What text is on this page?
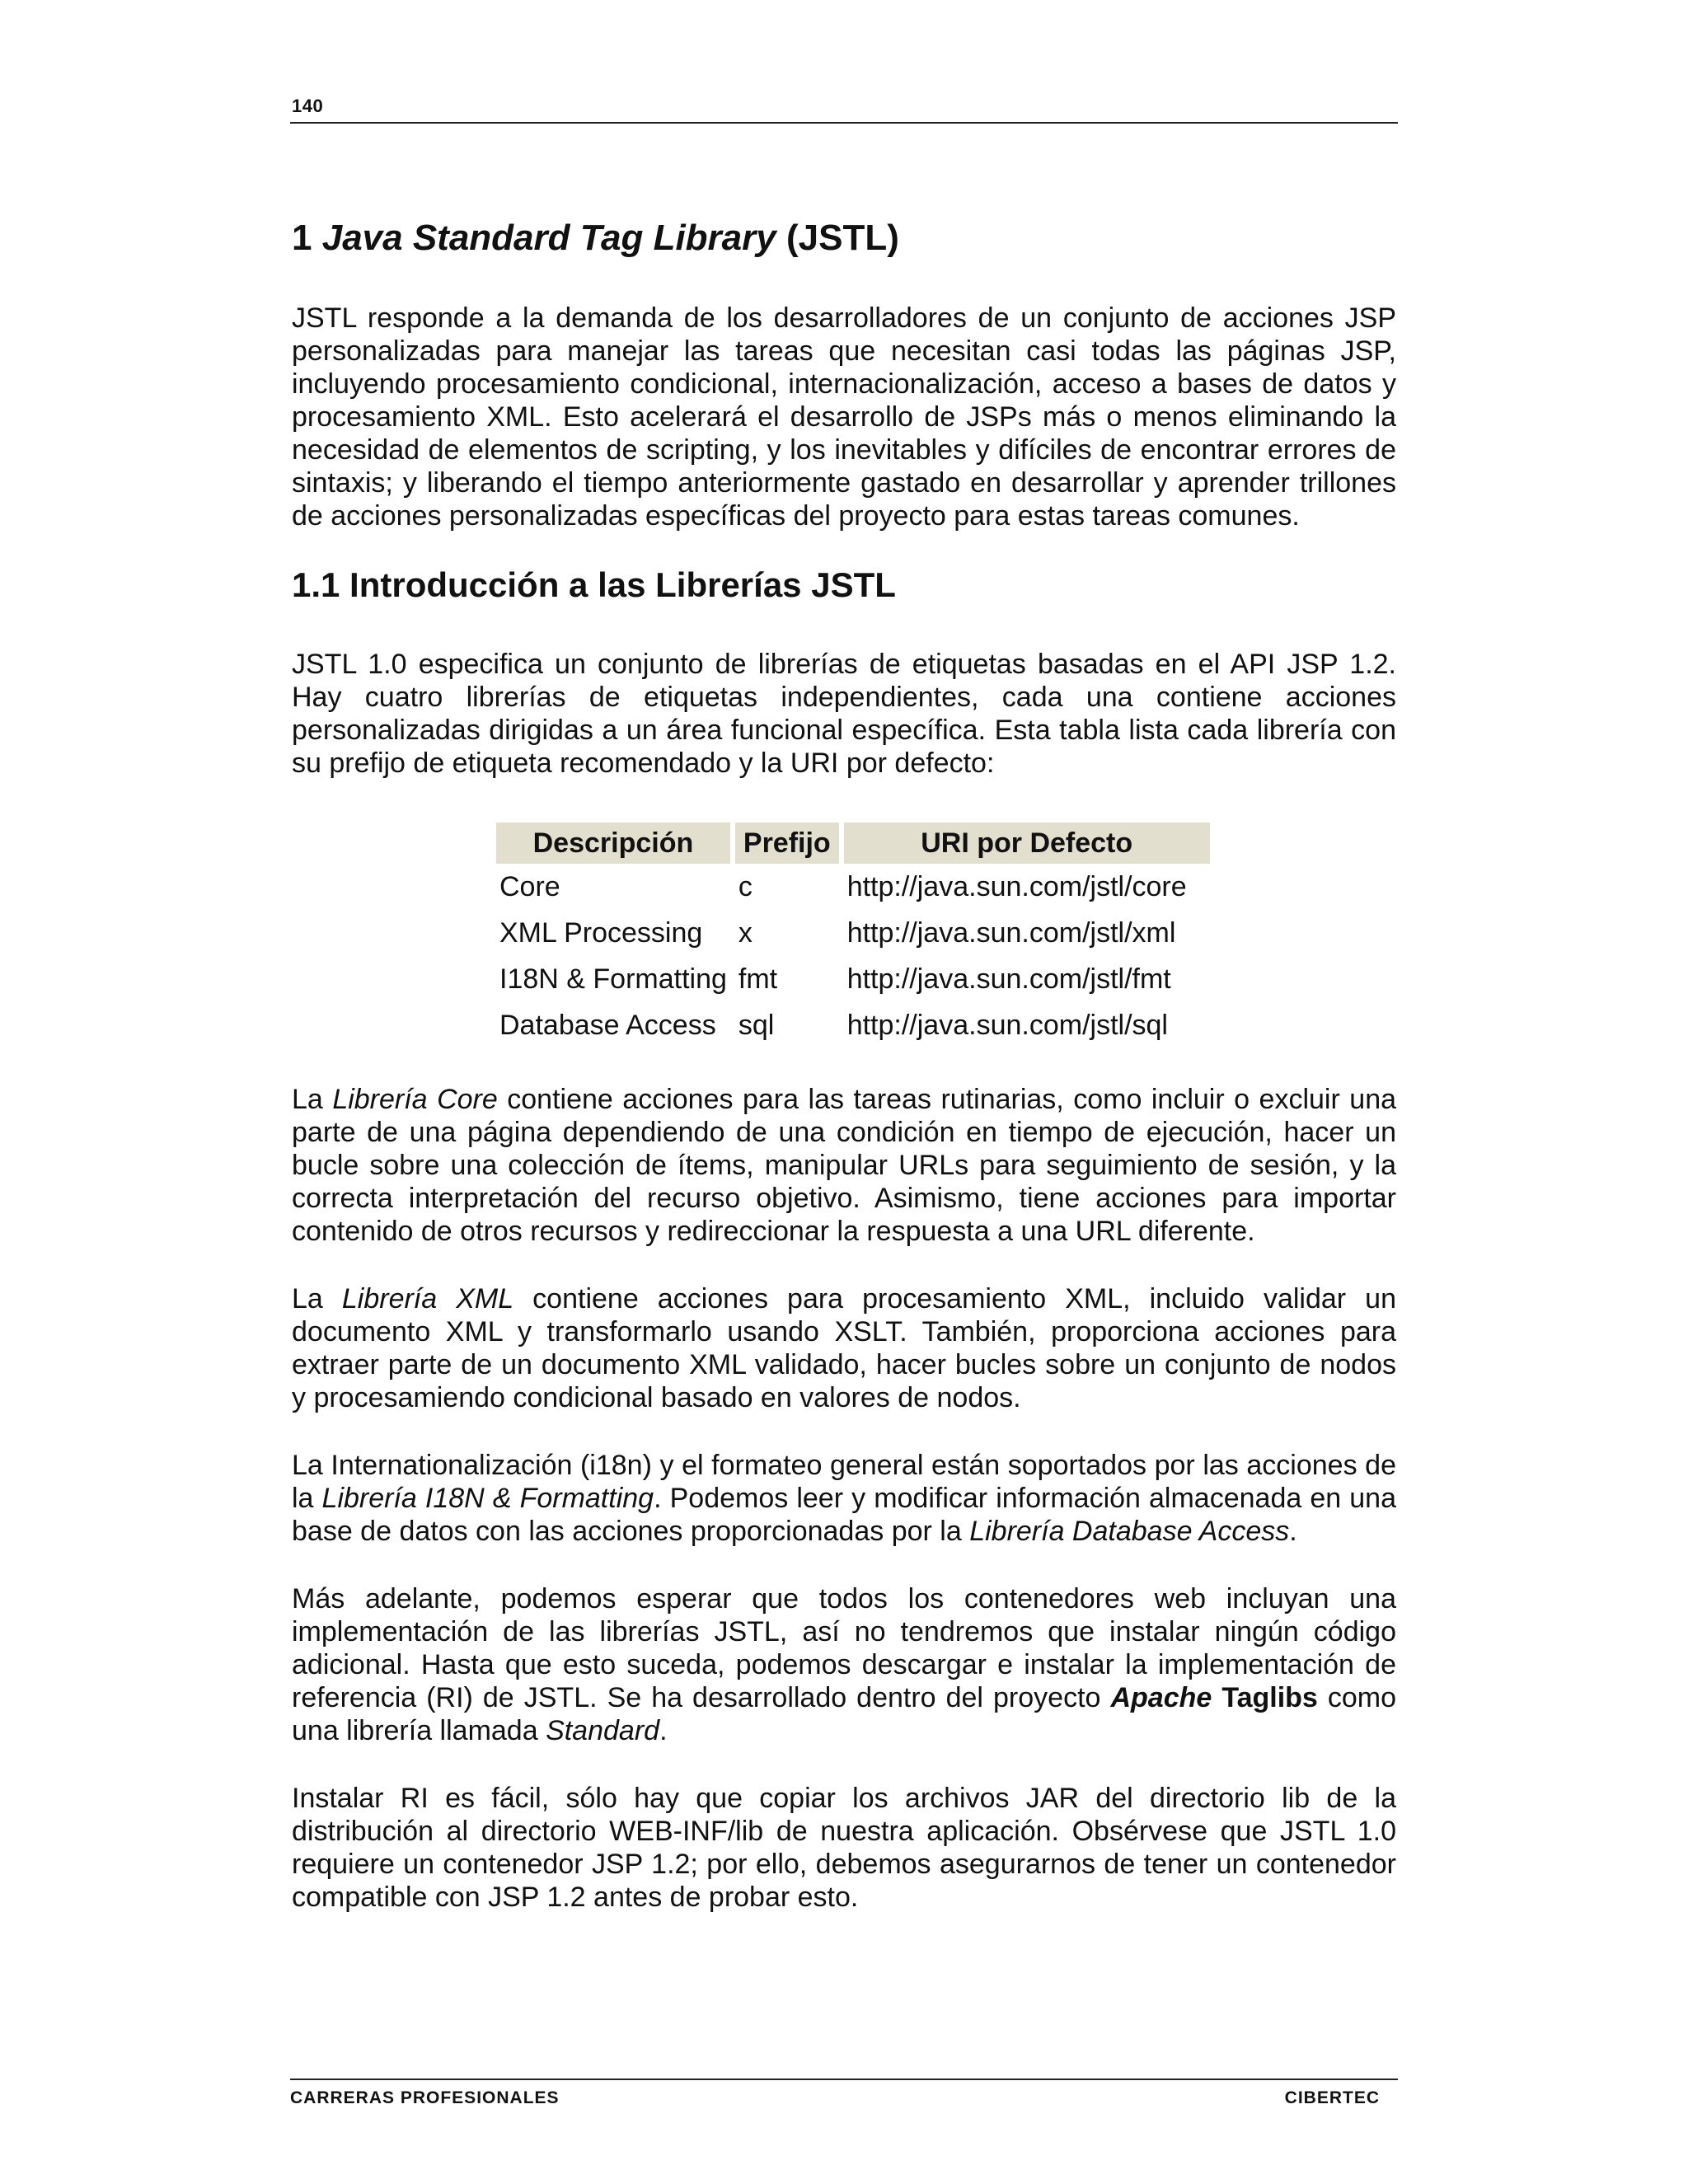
140
1 Java Standard Tag Library (JSTL)

JSTL responde a la demanda de los desarrolladores de un conjunto de acciones JSP personalizadas para manejar las tareas que necesitan casi todas las páginas JSP, incluyendo procesamiento condicional, internacionalización, acceso a bases de datos y procesamiento XML. Esto acelerará el desarrollo de JSPs más o menos eliminando la necesidad de elementos de scripting, y los inevitables y difíciles de encontrar errores de sintaxis; y liberando el tiempo anteriormente gastado en desarrollar y aprender trillones de acciones personalizadas específicas del proyecto para estas tareas comunes.

1.1 Introducción a las Librerías JSTL

JSTL 1.0 especifica un conjunto de librerías de etiquetas basadas en el API JSP 1.2. Hay cuatro librerías de etiquetas independientes, cada una contiene acciones personalizadas dirigidas a un área funcional específica. Esta tabla lista cada librería con su prefijo de etiqueta recomendado y la URI por defecto:

Descripción	Prefijo	URI por Defecto
Core	c	http://java.sun.com/jstl/core
XML Processing	x	http://java.sun.com/jstl/xml
I18N & Formatting	fmt	http://java.sun.com/jstl/fmt
Database Access	sql	http://java.sun.com/jstl/sql

La Librería Core contiene acciones para las tareas rutinarias, como incluir o excluir una parte de una página dependiendo de una condición en tiempo de ejecución, hacer un bucle sobre una colección de ítems, manipular URLs para seguimiento de sesión, y la correcta interpretación del recurso objetivo. Asimismo, tiene acciones para importar contenido de otros recursos y redireccionar la respuesta a una URL diferente.

La Librería XML contiene acciones para procesamiento XML, incluido validar un documento XML y transformarlo usando XSLT. También, proporciona acciones para extraer parte de un documento XML validado, hacer bucles sobre un conjunto de nodos y procesamiendo condicional basado en valores de nodos.

La Internationalización (i18n) y el formateo general están soportados por las acciones de la Librería I18N & Formatting. Podemos leer y modificar información almacenada en una base de datos con las acciones proporcionadas por la Librería Database Access.

Más adelante, podemos esperar que todos los contenedores web incluyan una implementación de las librerías JSTL, así no tendremos que instalar ningún código adicional. Hasta que esto suceda, podemos descargar e instalar la implementación de referencia (RI) de JSTL. Se ha desarrollado dentro del proyecto Apache Taglibs como una librería llamada Standard.

Instalar RI es fácil, sólo hay que copiar los archivos JAR del directorio lib de la distribución al directorio WEB-INF/lib de nuestra aplicación. Obsérvese que JSTL 1.0 requiere un contenedor JSP 1.2; por ello, debemos asegurarnos de tener un contenedor compatible con JSP 1.2 antes de probar esto.

CARRERAS PROFESIONALES	CIBERTEC
